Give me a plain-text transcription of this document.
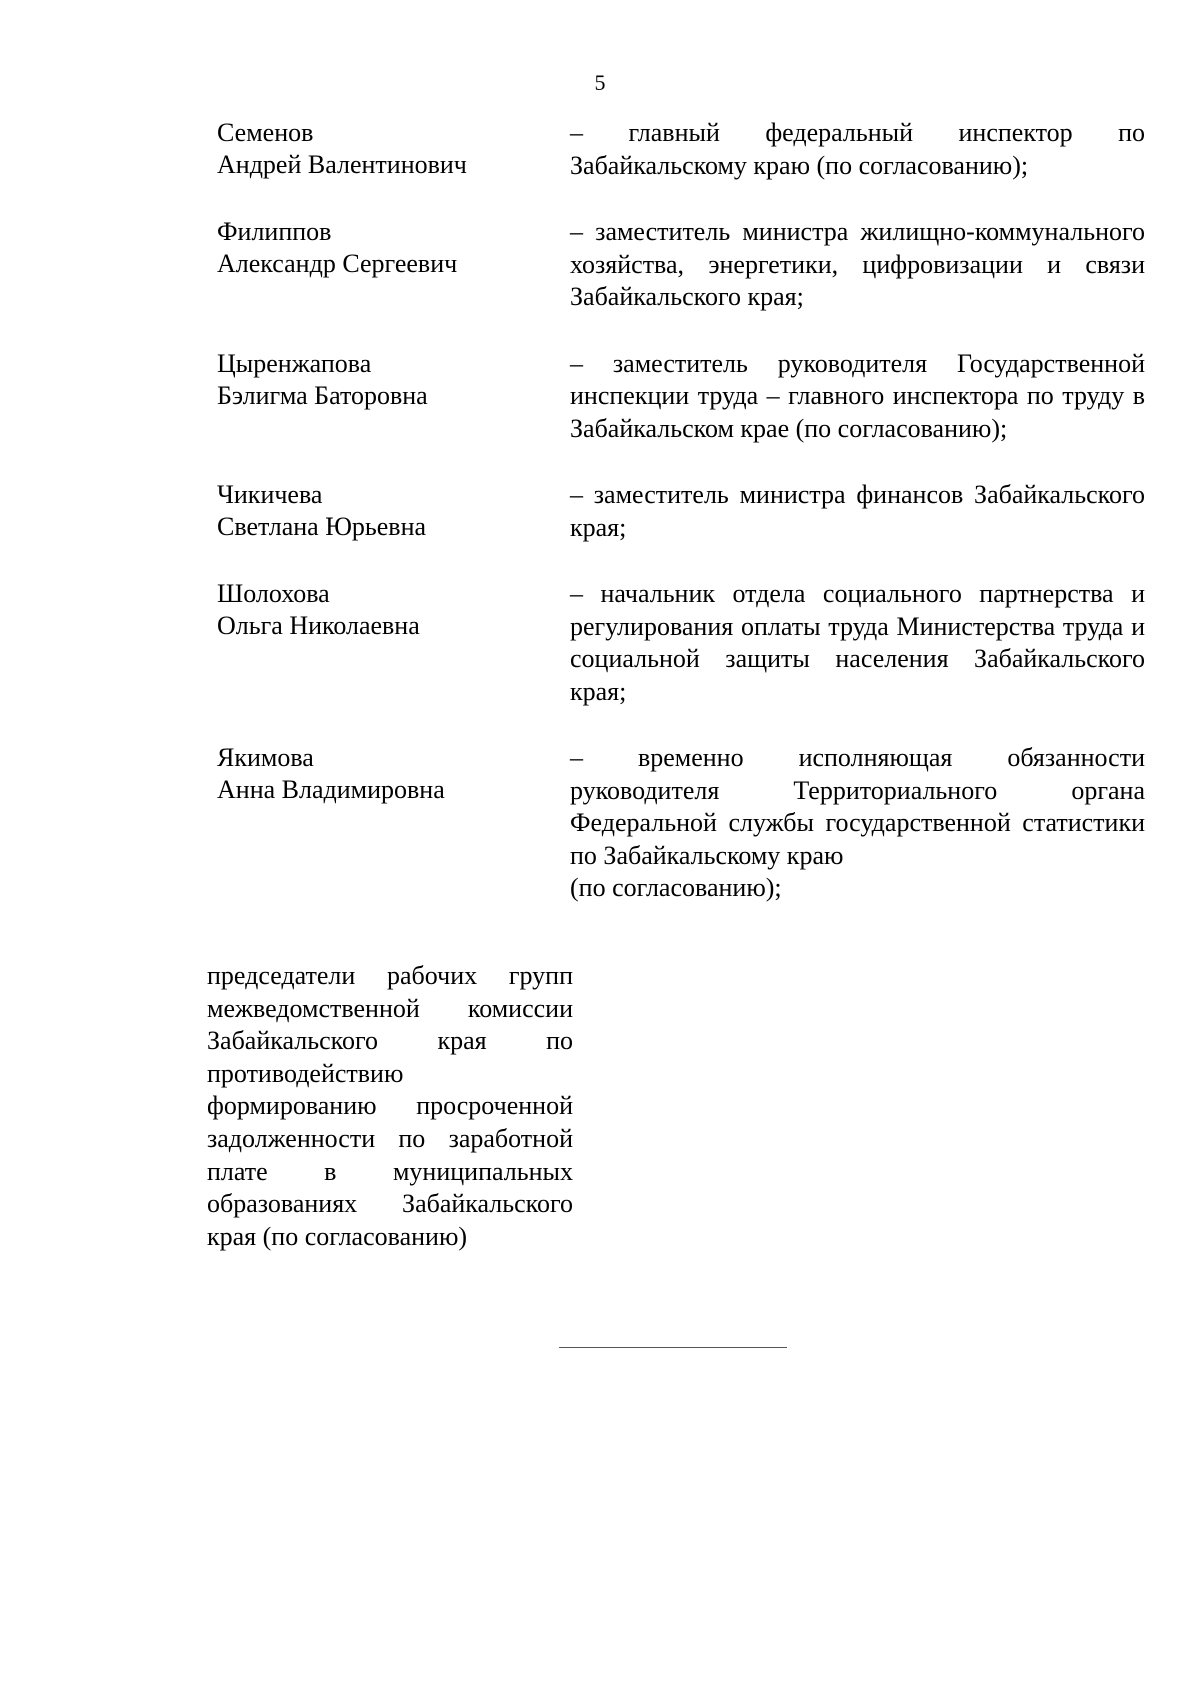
5
Семенов
Андрей Валентинович
– главный федеральный инспектор по Забайкальскому краю (по согласованию);
Филиппов
Александр Сергеевич
– заместитель министра жилищно-коммунального хозяйства, энергетики, цифровизации и связи Забайкальского края;
Цыренжапова
Бэлигма Баторовна
– заместитель руководителя Государственной инспекции труда – главного инспектора по труду в Забайкальском крае (по согласованию);
Чикичева
Светлана Юрьевна
– заместитель министра финансов Забайкальского края;
Шолохова
Ольга Николаевна
– начальник отдела социального партнерства и регулирования оплаты труда Министерства труда и социальной защиты населения Забайкальского края;
Якимова
Анна Владимировна
– временно исполняющая обязанности руководителя Территориального органа Федеральной службы государственной статистики по Забайкальскому краю
(по согласованию);
председатели рабочих групп межведомственной комиссии Забайкальского края по противодействию формированию просроченной задолженности по заработной плате в муниципальных образованиях Забайкальского края (по согласованию)
